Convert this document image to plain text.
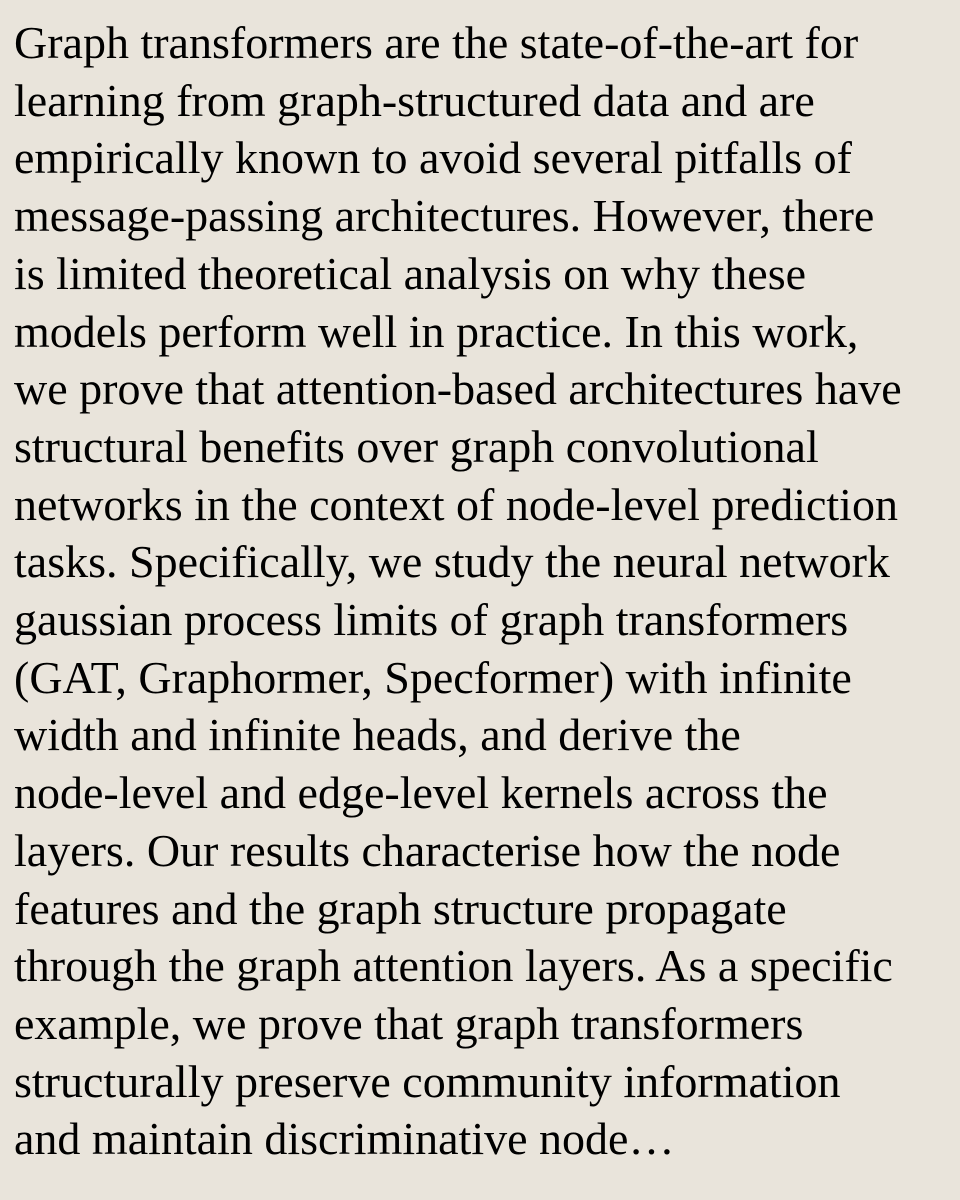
Graph transformers are the state-of-the-art for
learning from graph-structured data and are
empirically known to avoid several pitfalls of
message-passing architectures. However, there
is limited theoretical analysis on why these
models perform well in practice. In this work,
we prove that attention-based architectures have
structural benefits over graph convolutional
networks in the context of node-level prediction
tasks. Specifically, we study the neural network
gaussian process limits of graph transformers
(GAT, Graphormer, Specformer) with infinite
width and infinite heads, and derive the
node-level and edge-level kernels across the
layers. Our results characterise how the node
features and the graph structure propagate
through the graph attention layers. As a specific
example, we prove that graph transformers
structurally preserve community information
and maintain discriminative node…
